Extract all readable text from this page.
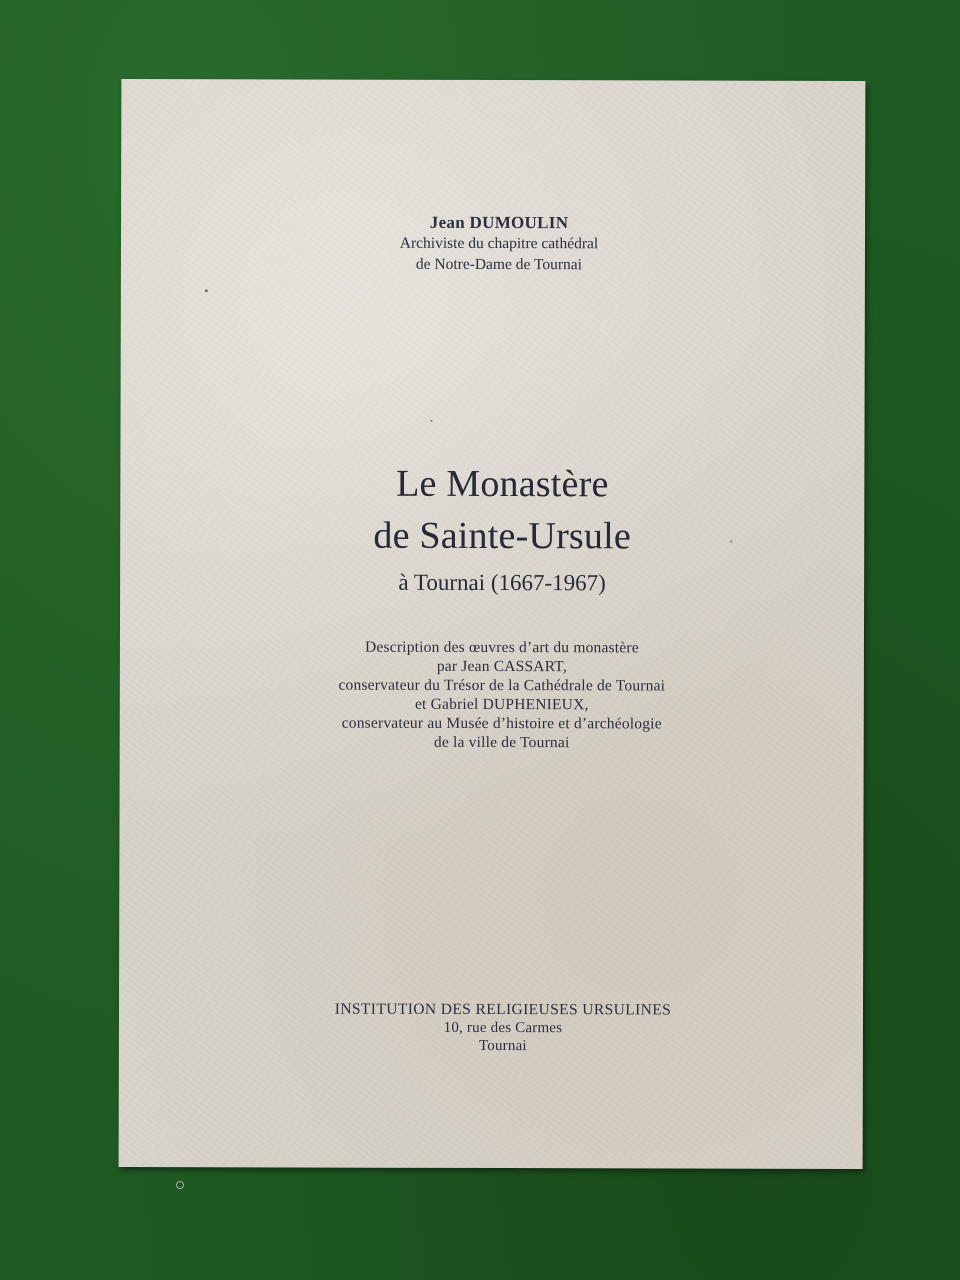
Jean DUMOULIN
Archiviste du chapitre cathédral
de Notre-Dame de Tournai
Le Monastère
de Sainte-Ursule
à Tournai (1667-1967)
Description des œuvres d’art du monastère
par Jean CASSART,
conservateur du Trésor de la Cathédrale de Tournai
et Gabriel DUPHENIEUX,
conservateur au Musée d’histoire et d’archéologie
de la ville de Tournai
INSTITUTION DES RELIGIEUSES URSULINES
10, rue des Carmes
Tournai
